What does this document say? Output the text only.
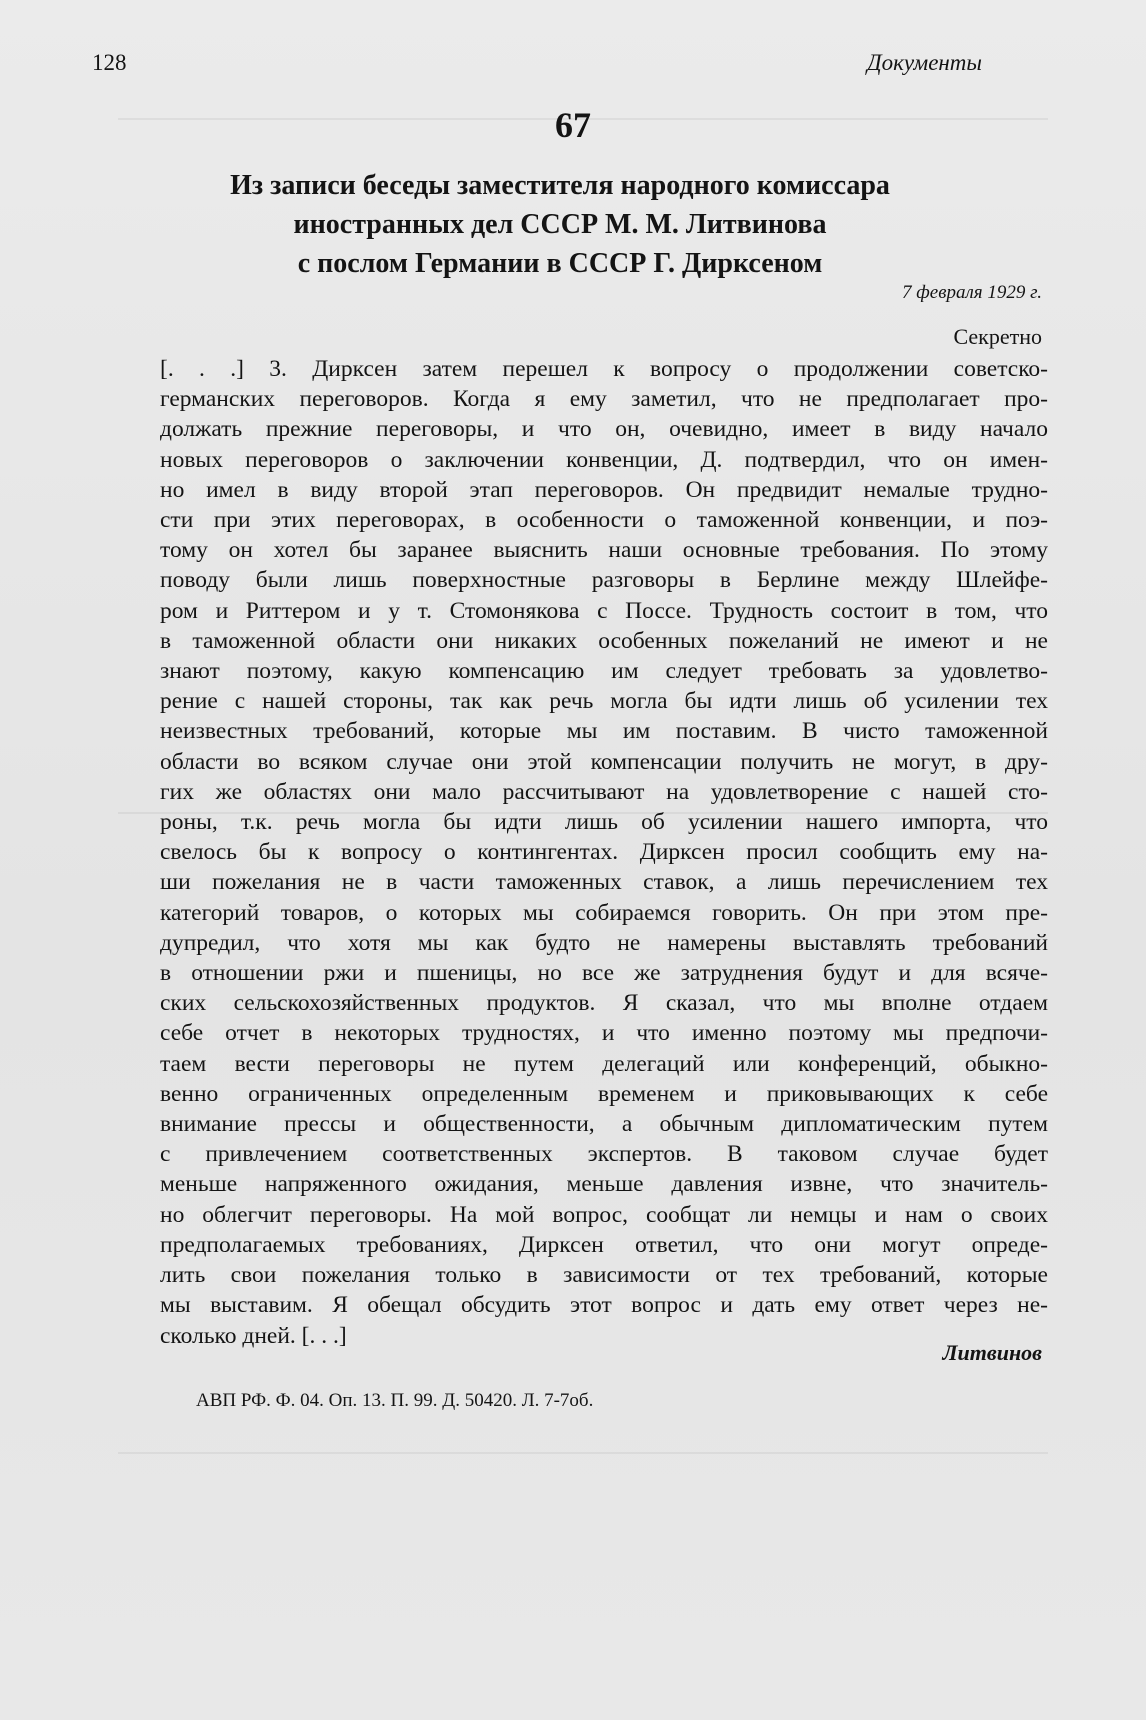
128	Документы
67
Из записи беседы заместителя народного комиссара
иностранных дел СССР М. М. Литвинова
с послом Германии в СССР Г. Дирксеном
7 февраля 1929 г.
Секретно
[. . .] 3. Дирксен затем перешел к вопросу о продолжении советско-
германских переговоров. Когда я ему заметил, что не предполагает про-
должать прежние переговоры, и что он, очевидно, имеет в виду начало
новых переговоров о заключении конвенции, Д. подтвердил, что он имен-
но имел в виду второй этап переговоров. Он предвидит немалые трудно-
сти при этих переговорах, в особенности о таможенной конвенции, и поэ-
тому он хотел бы заранее выяснить наши основные требования. По этому
поводу были лишь поверхностные разговоры в Берлине между Шлейфе-
ром и Риттером и у т. Стомонякова с Поссе. Трудность состоит в том, что
в таможенной области они никаких особенных пожеланий не имеют и не
знают поэтому, какую компенсацию им следует требовать за удовлетво-
рение с нашей стороны, так как речь могла бы идти лишь об усилении тех
неизвестных требований, которые мы им поставим. В чисто таможенной
области во всяком случае они этой компенсации получить не могут, в дру-
гих же областях они мало рассчитывают на удовлетворение с нашей сто-
роны, т.к. речь могла бы идти лишь об усилении нашего импорта, что
свелось бы к вопросу о контингентах. Дирксен просил сообщить ему на-
ши пожелания не в части таможенных ставок, а лишь перечислением тех
категорий товаров, о которых мы собираемся говорить. Он при этом пре-
дупредил, что хотя мы как будто не намерены выставлять требований
в отношении ржи и пшеницы, но все же затруднения будут и для всяче-
ских сельскохозяйственных продуктов. Я сказал, что мы вполне отдаем
себе отчет в некоторых трудностях, и что именно поэтому мы предпочи-
таем вести переговоры не путем делегаций или конференций, обыкно-
венно ограниченных определенным временем и приковывающих к себе
внимание прессы и общественности, а обычным дипломатическим путем
с привлечением соответственных экспертов. В таковом случае будет
меньше напряженного ожидания, меньше давления извне, что значитель-
но облегчит переговоры. На мой вопрос, сообщат ли немцы и нам о своих
предполагаемых требованиях, Дирксен ответил, что они могут опреде-
лить свои пожелания только в зависимости от тех требований, которые
мы выставим. Я обещал обсудить этот вопрос и дать ему ответ через не-
сколько дней. [. . .]
Литвинов
АВП РФ. Ф. 04. Оп. 13. П. 99. Д. 50420. Л. 7-7об.
